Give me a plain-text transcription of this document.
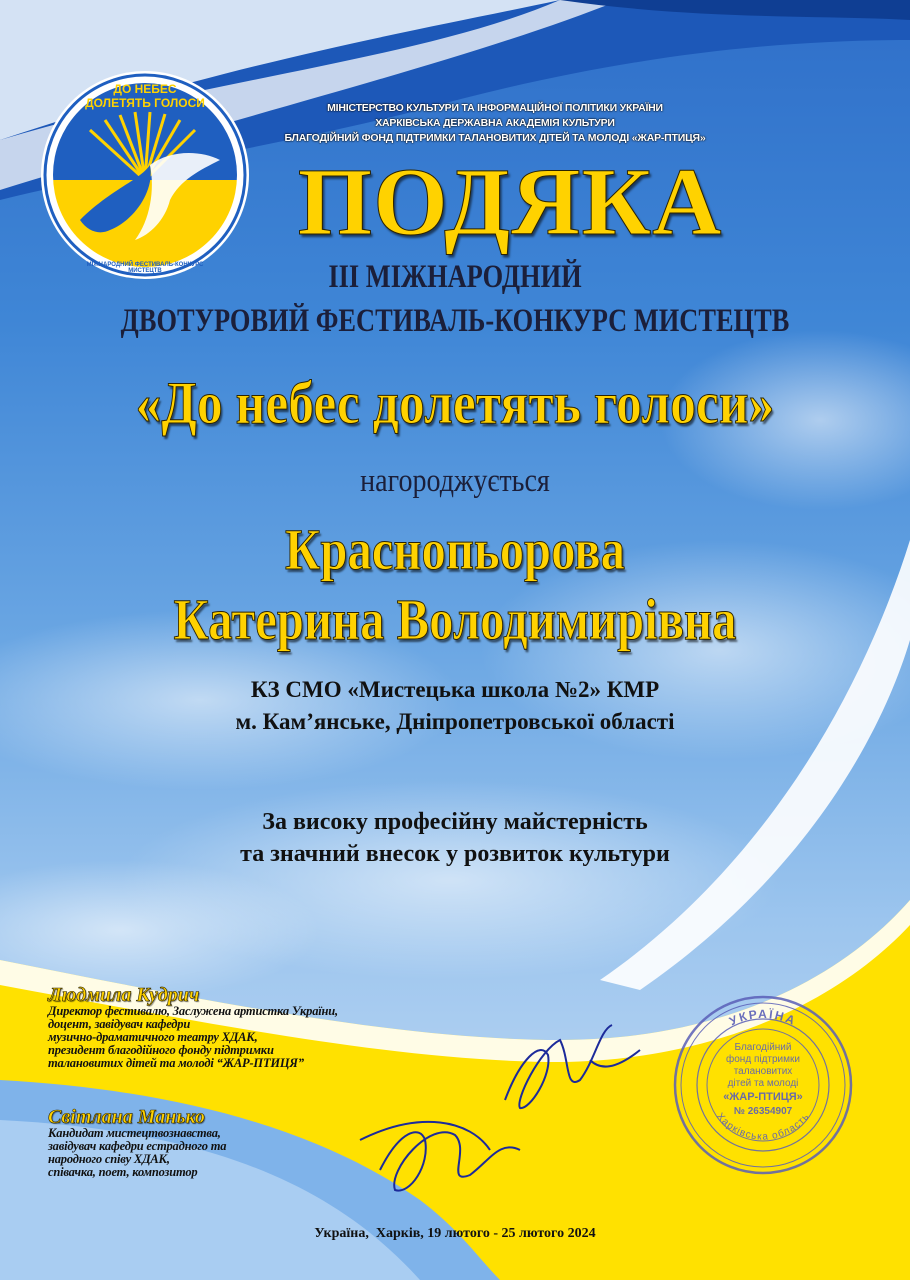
ДО НЕБЕС
ДОЛЕТЯТЬ ГОЛОСИ
МІЖНАРОДНИЙ ФЕСТИВАЛЬ-КОНКУРС МИСТЕЦТВ
МІНІСТЕРСТВО КУЛЬТУРИ ТА ІНФОРМАЦІЙНОЇ ПОЛІТИКИ УКРАЇНИ
ХАРКІВСЬКА ДЕРЖАВНА АКАДЕМІЯ КУЛЬТУРИ
БЛАГОДІЙНИЙ ФОНД ПІДТРИМКИ ТАЛАНОВИТИХ ДІТЕЙ ТА МОЛОДІ «ЖАР-ПТИЦЯ»
ПОДЯКА
III МІЖНАРОДНИЙ
ДВОТУРОВИЙ ФЕСТИВАЛЬ-КОНКУРС МИСТЕЦТВ
«До небес долетять голоси»
нагороджується
Краснопьорова
Катерина Володимирівна
КЗ СМО «Мистецька школа №2» КМР
м. Кам’янське, Дніпропетровської області
За високу професійну майстерність
та значний внесок у розвиток культури
Людмила Кудрич
Директор фестивалю, Заслужена артистка України,
доцент, завідувач кафедри
музично-драматичного театру ХДАК,
президент благодійного фонду підтримки
талановитих дітей та молоді “ЖАР-ПТИЦЯ”
Світлана Манько
Кандидат мистецтвознавства,
завідувач кафедри естрадного та
народного співу ХДАК,
співачка, поет, композитор
УКРАЇНА
Харківська область
Благодійний
фонд підтримки
талановитих
дітей та молоді
«ЖАР-ПТИЦЯ»
№ 26354907
Україна,  Харків, 19 лютого - 25 лютого 2024
